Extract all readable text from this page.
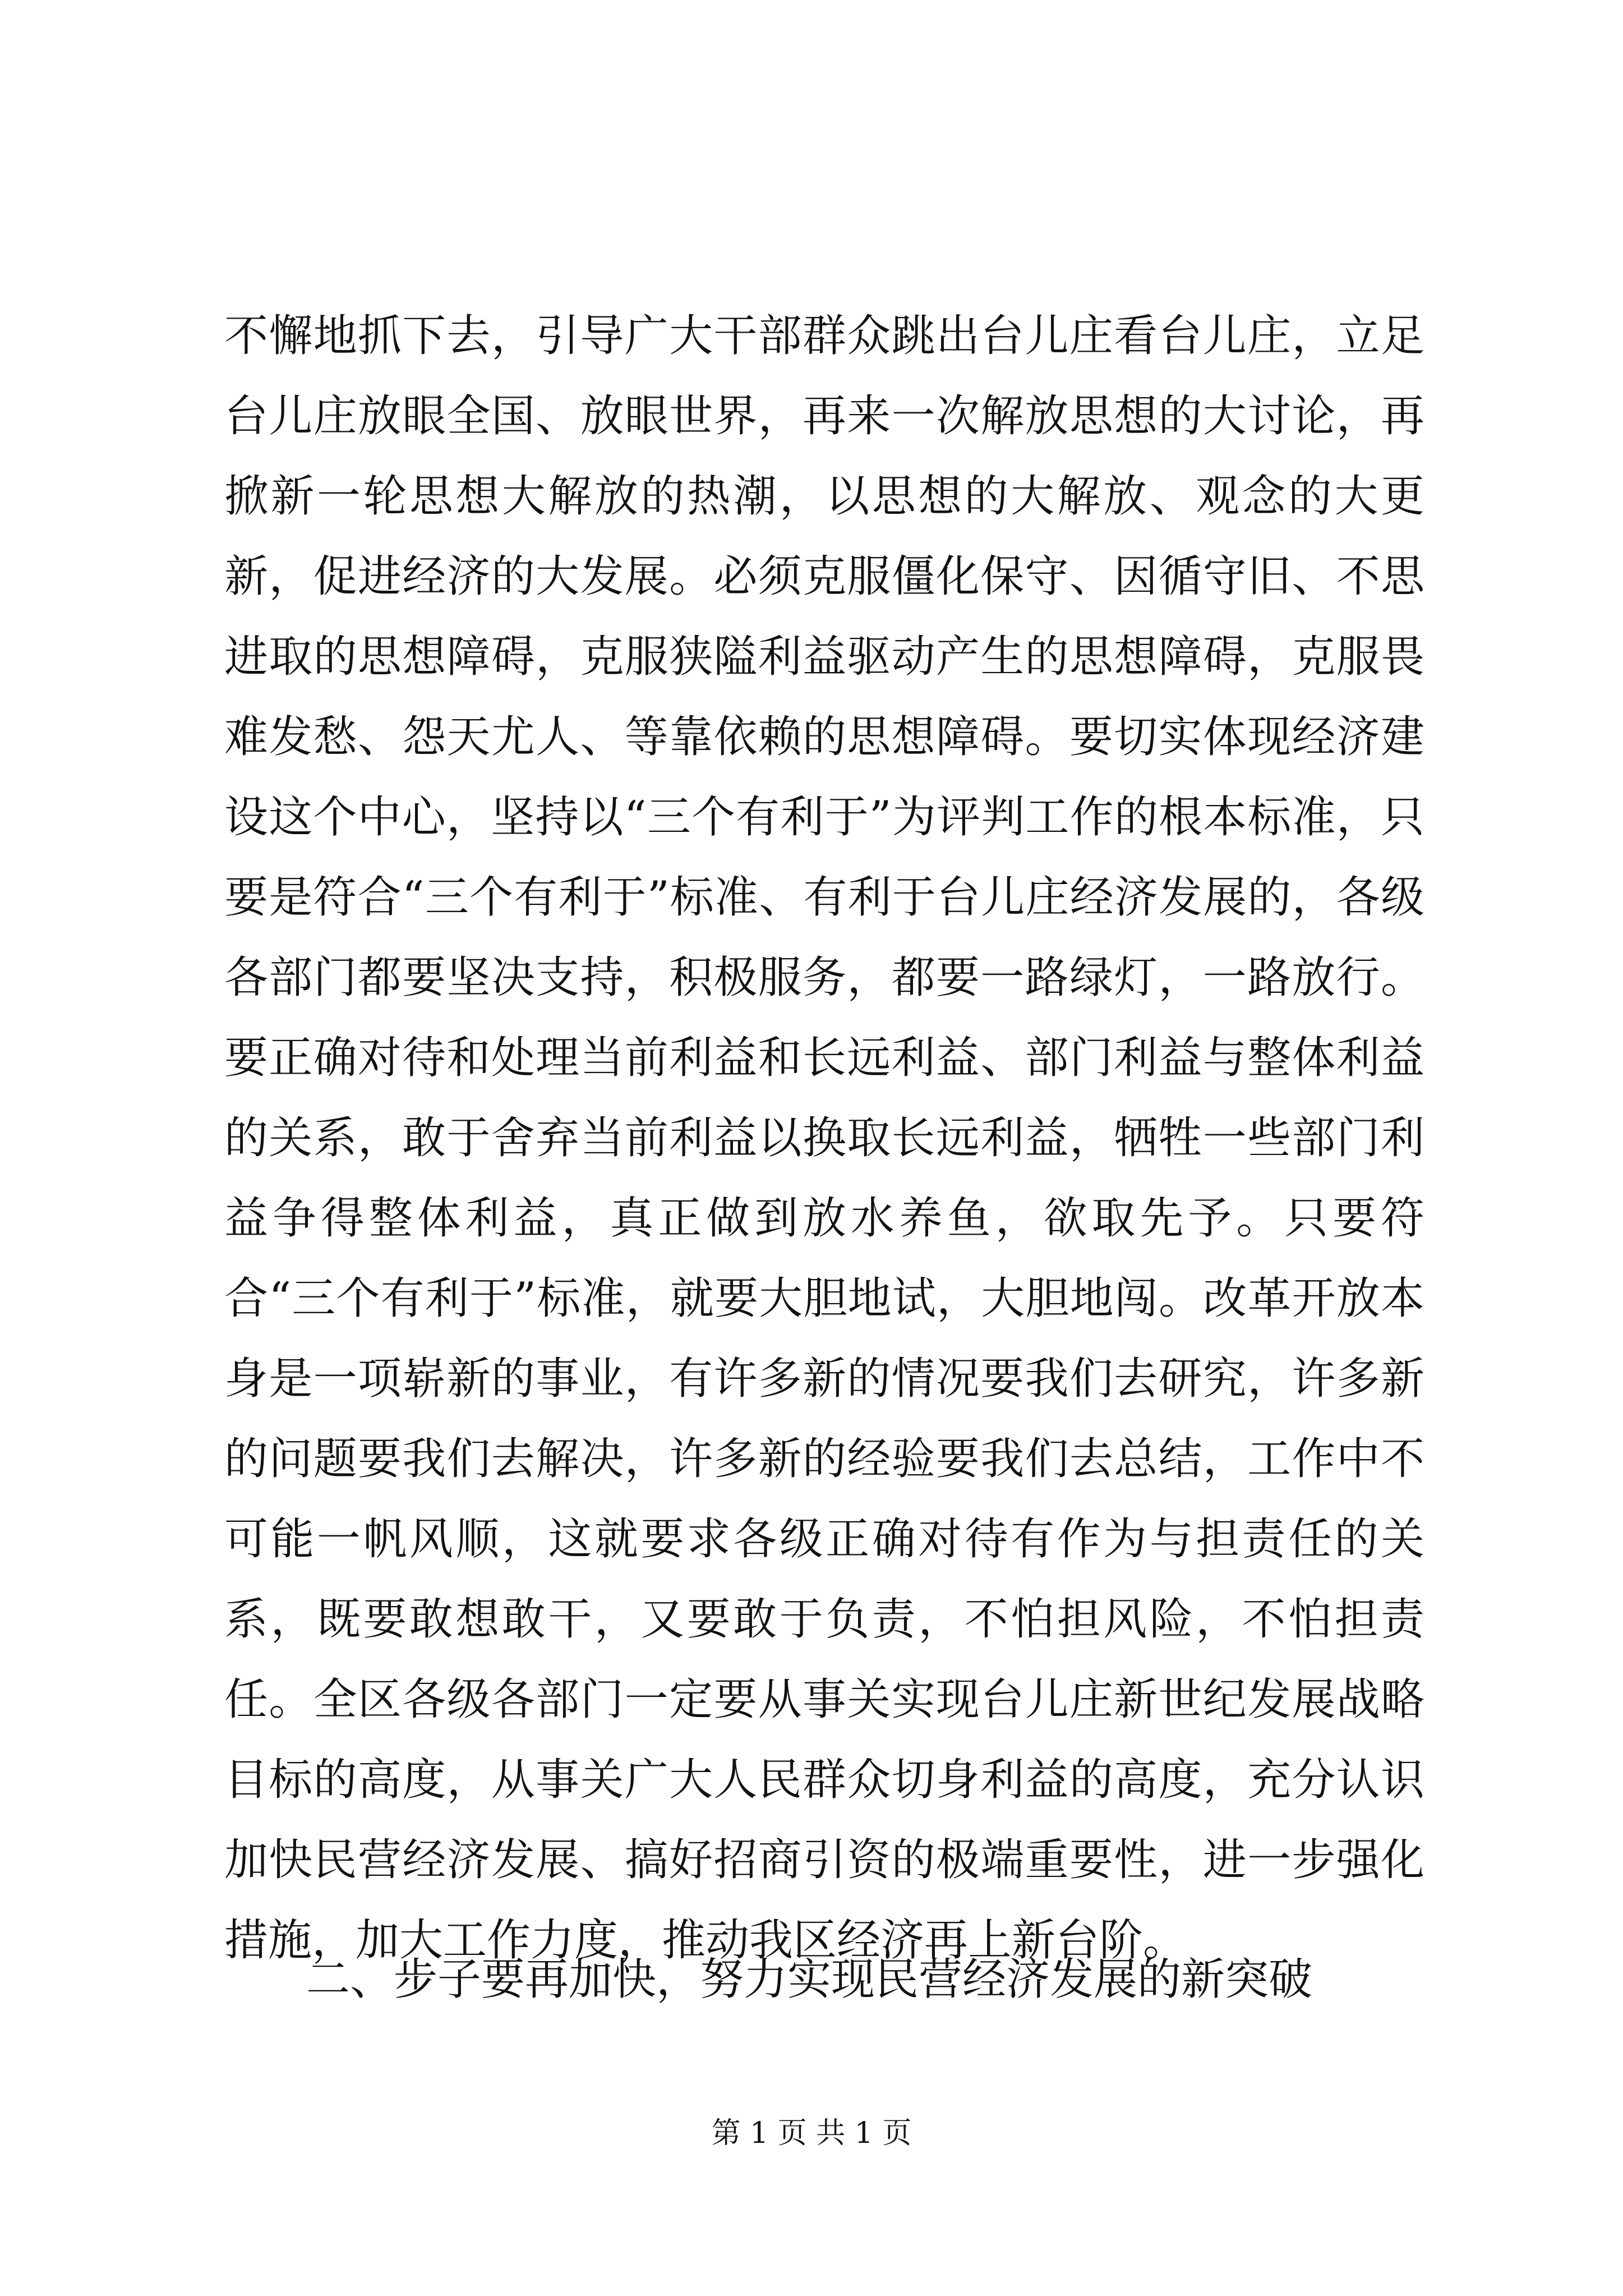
不懈地抓下去，引导广大干部群众跳出台儿庄看台儿庄，立足台儿庄放眼全国、放眼世界，再来一次解放思想的大讨论，再掀新一轮思想大解放的热潮，以思想的大解放、观念的大更新，促进经济的大发展。必须克服僵化保守、因循守旧、不思进取的思想障碍，克服狭隘利益驱动产生的思想障碍，克服畏难发愁、怨天尤人、等靠依赖的思想障碍。要切实体现经济建设这个中心，坚持以“三个有利于”为评判工作的根本标准，只要是符合“三个有利于”标准、有利于台儿庄经济发展的，各级各部门都要坚决支持，积极服务，都要一路绿灯，一路放行。要正确对待和处理当前利益和长远利益、部门利益与整体利益的关系，敢于舍弃当前利益以换取长远利益，牺牲一些部门利益争得整体利益，真正做到放水养鱼，欲取先予。只要符合“三个有利于”标准，就要大胆地试，大胆地闯。改革开放本身是一项崭新的事业，有许多新的情况要我们去研究，许多新的问题要我们去解决，许多新的经验要我们去总结，工作中不可能一帆风顺，这就要求各级正确对待有作为与担责任的关系，既要敢想敢干，又要敢于负责，不怕担风险，不怕担责任。全区各级各部门一定要从事关实现台儿庄新世纪发展战略目标的高度，从事关广大人民群众切身利益的高度，充分认识加快民营经济发展、搞好招商引资的极端重要性，进一步强化措施，加大工作力度，推动我区经济再上新台阶。

二、步子要再加快，努力实现民营经济发展的新突破

第 1 页 共 1 页
